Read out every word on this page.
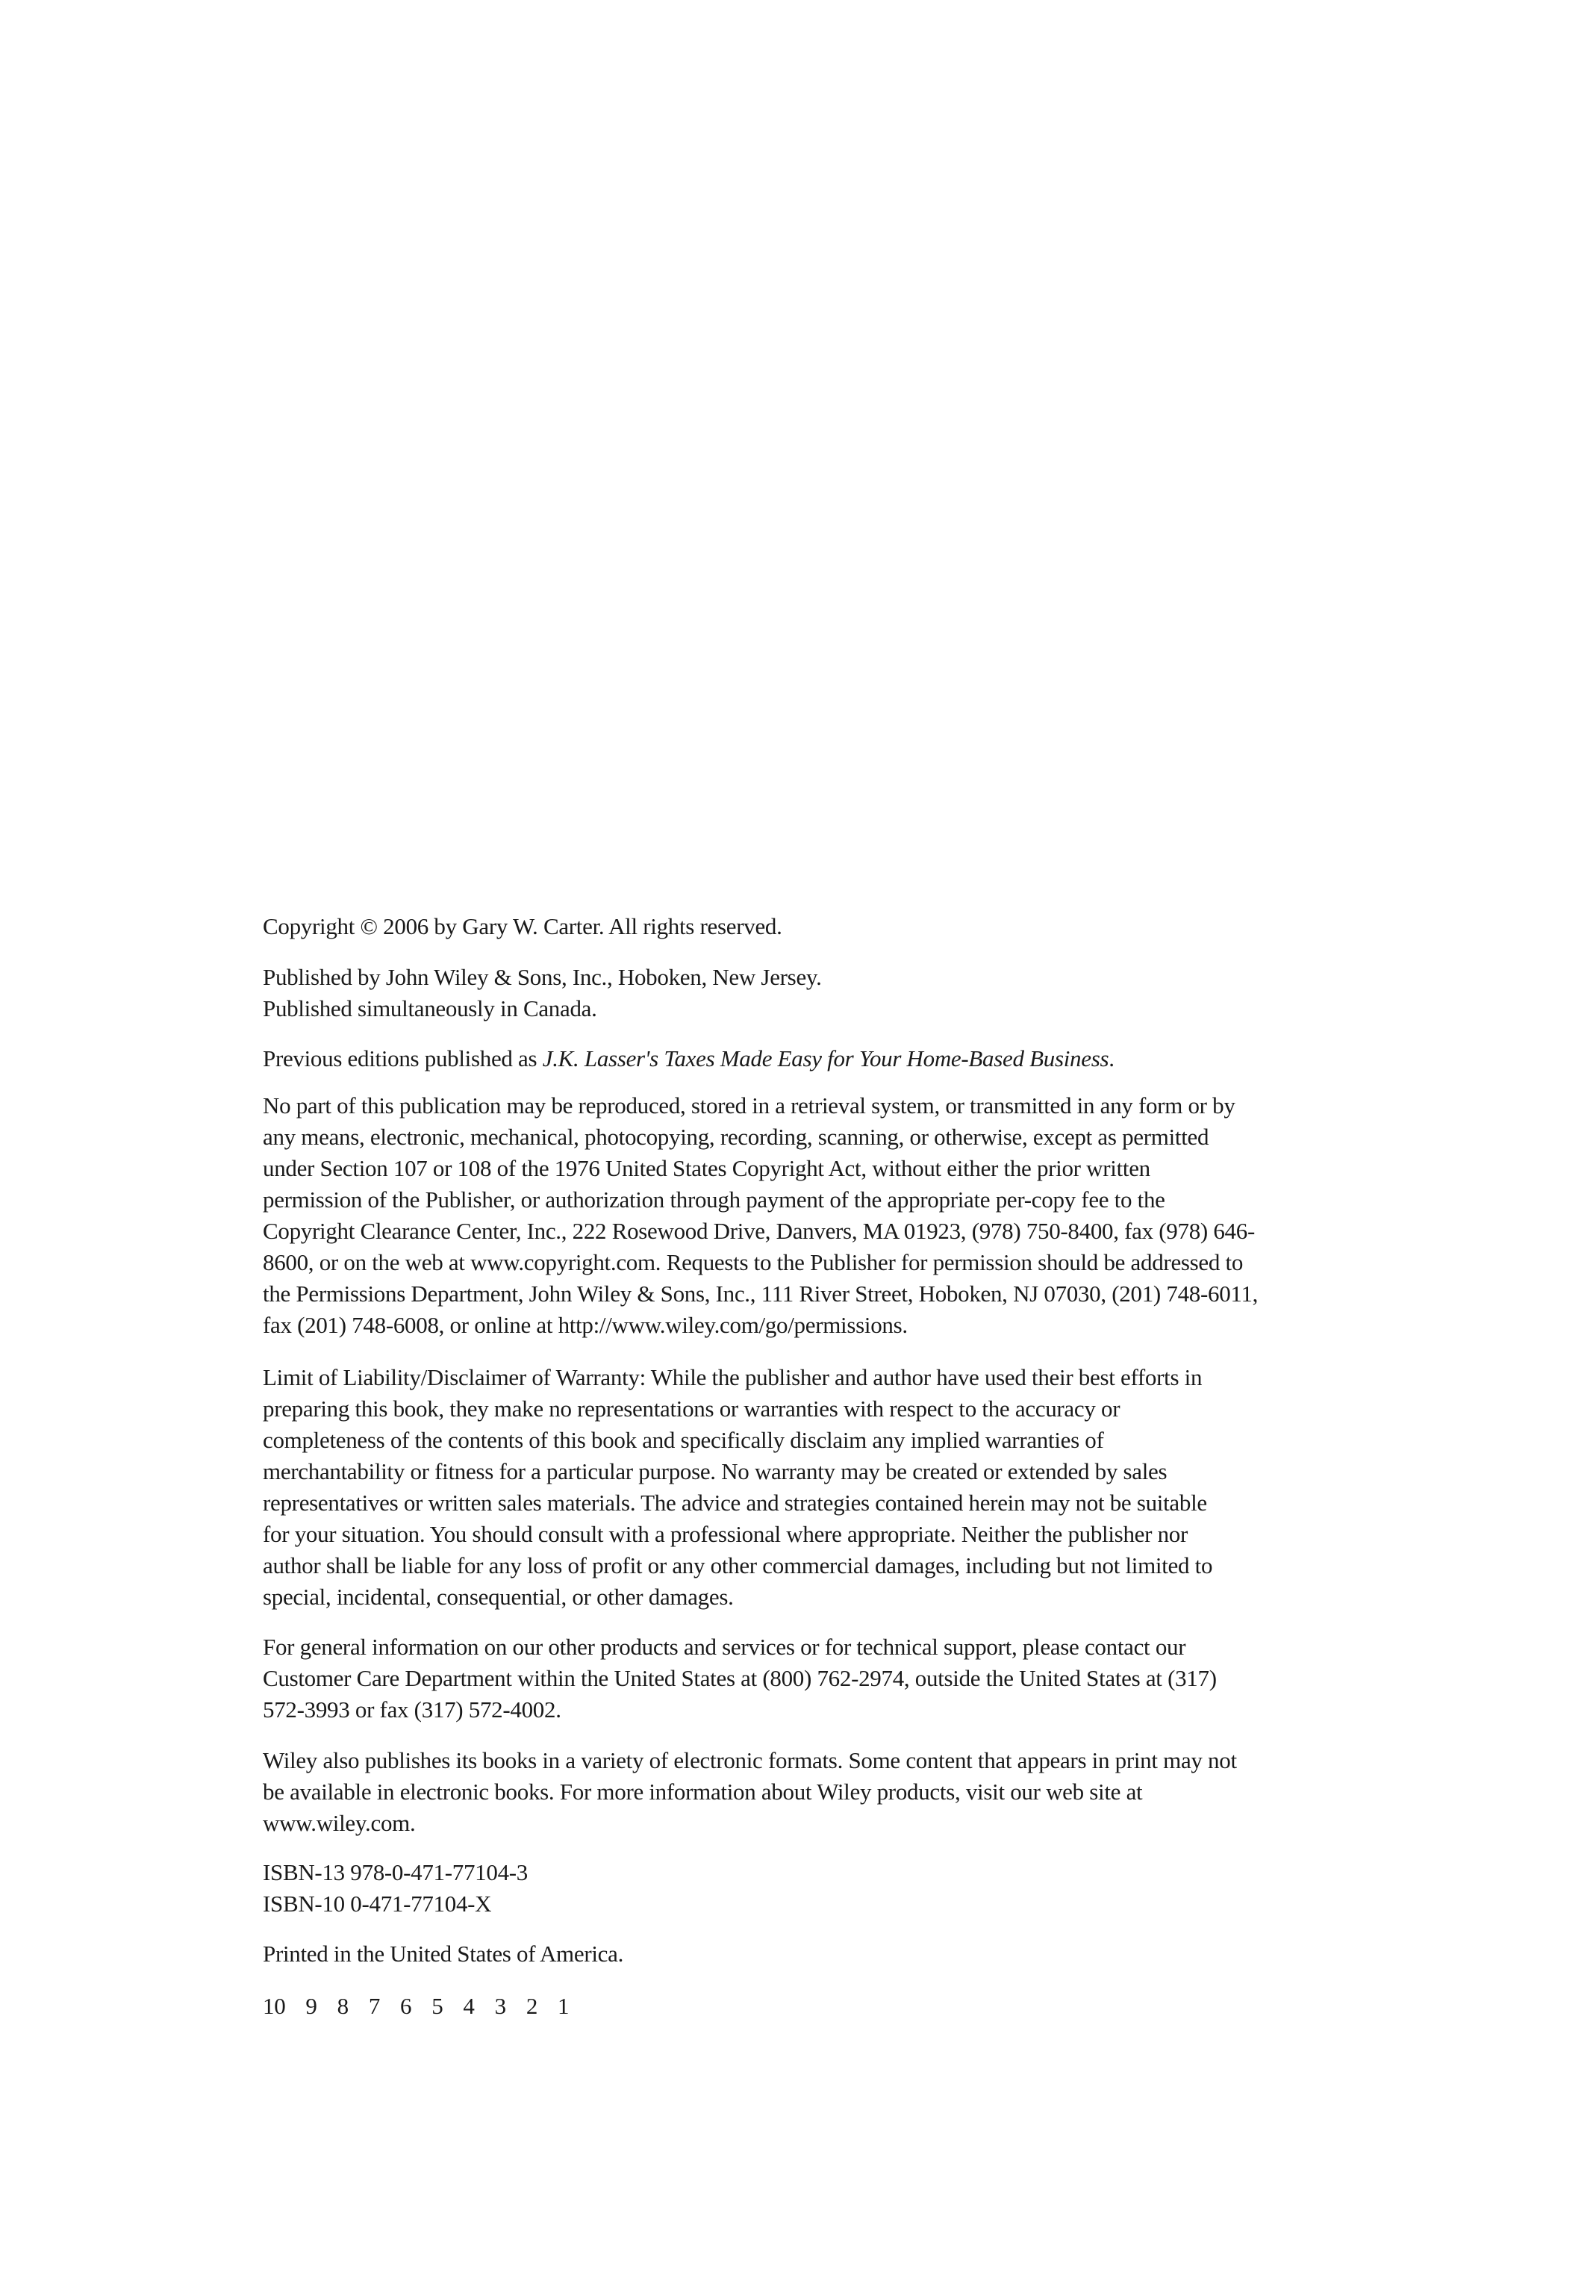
Copyright © 2006 by Gary W. Carter. All rights reserved.
Published by John Wiley & Sons, Inc., Hoboken, New Jersey.
Published simultaneously in Canada.
Previous editions published as J.K. Lasser's Taxes Made Easy for Your Home-Based Business.
No part of this publication may be reproduced, stored in a retrieval system, or transmitted in any form or by
any means, electronic, mechanical, photocopying, recording, scanning, or otherwise, except as permitted
under Section 107 or 108 of the 1976 United States Copyright Act, without either the prior written
permission of the Publisher, or authorization through payment of the appropriate per-copy fee to the
Copyright Clearance Center, Inc., 222 Rosewood Drive, Danvers, MA 01923, (978) 750-8400, fax (978) 646-
8600, or on the web at www.copyright.com. Requests to the Publisher for permission should be addressed to
the Permissions Department, John Wiley & Sons, Inc., 111 River Street, Hoboken, NJ 07030, (201) 748-6011,
fax (201) 748-6008, or online at http://www.wiley.com/go/permissions.
Limit of Liability/Disclaimer of Warranty: While the publisher and author have used their best efforts in
preparing this book, they make no representations or warranties with respect to the accuracy or
completeness of the contents of this book and specifically disclaim any implied warranties of
merchantability or fitness for a particular purpose. No warranty may be created or extended by sales
representatives or written sales materials. The advice and strategies contained herein may not be suitable
for your situation. You should consult with a professional where appropriate. Neither the publisher nor
author shall be liable for any loss of profit or any other commercial damages, including but not limited to
special, incidental, consequential, or other damages.
For general information on our other products and services or for technical support, please contact our
Customer Care Department within the United States at (800) 762-2974, outside the United States at (317)
572-3993 or fax (317) 572-4002.
Wiley also publishes its books in a variety of electronic formats. Some content that appears in print may not
be available in electronic books. For more information about Wiley products, visit our web site at
www.wiley.com.
ISBN-13 978-0-471-77104-3
ISBN-10 0-471-77104-X
Printed in the United States of America.
10 9 8 7 6 5 4 3 2 1
